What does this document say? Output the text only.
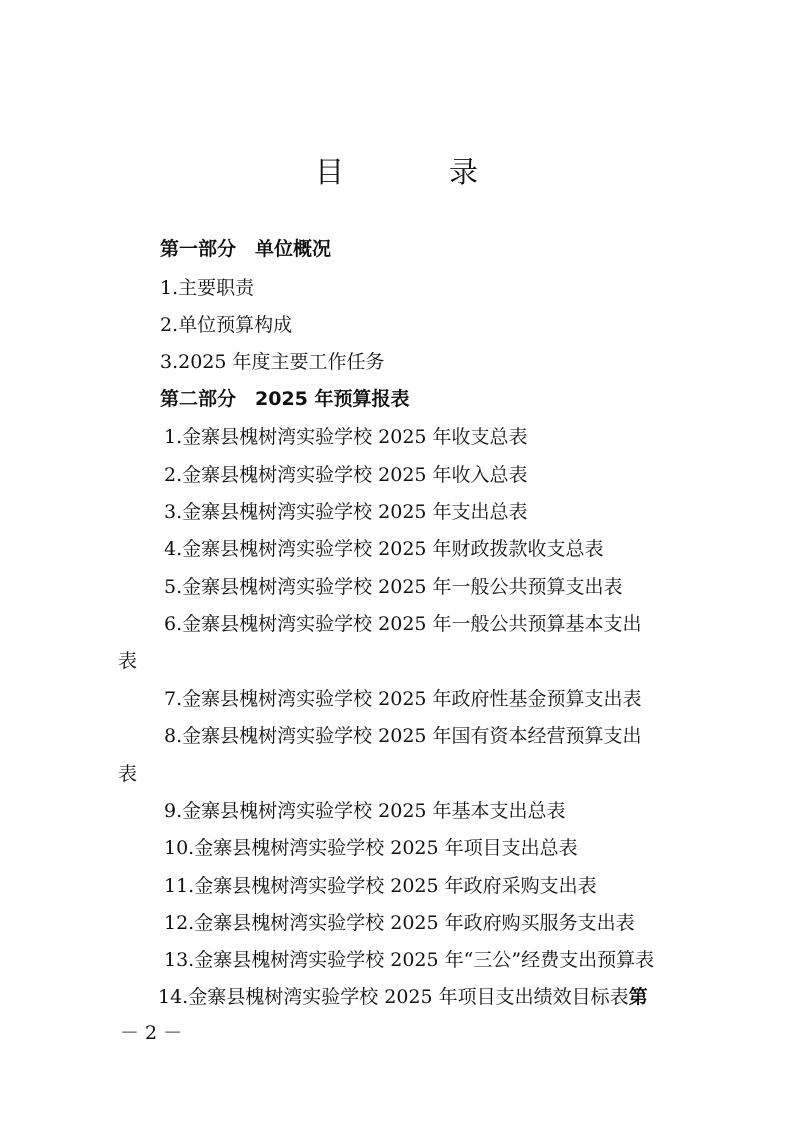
目　录
第一部分　单位概况
1.主要职责
2.单位预算构成
3.2025 年度主要工作任务
第二部分　2025 年预算报表
1.金寨县槐树湾实验学校 2025 年收支总表
2.金寨县槐树湾实验学校 2025 年收入总表
3.金寨县槐树湾实验学校 2025 年支出总表
4.金寨县槐树湾实验学校 2025 年财政拨款收支总表
5.金寨县槐树湾实验学校 2025 年一般公共预算支出表
6.金寨县槐树湾实验学校 2025 年一般公共预算基本支出
表
7.金寨县槐树湾实验学校 2025 年政府性基金预算支出表
8.金寨县槐树湾实验学校 2025 年国有资本经营预算支出
表
9.金寨县槐树湾实验学校 2025 年基本支出总表
10.金寨县槐树湾实验学校 2025 年项目支出总表
11.金寨县槐树湾实验学校 2025 年政府采购支出表
12.金寨县槐树湾实验学校 2025 年政府购买服务支出表
13.金寨县槐树湾实验学校 2025 年“三公”经费支出预算表
14.金寨县槐树湾实验学校 2025 年项目支出绩效目标表第
－ 2 －
